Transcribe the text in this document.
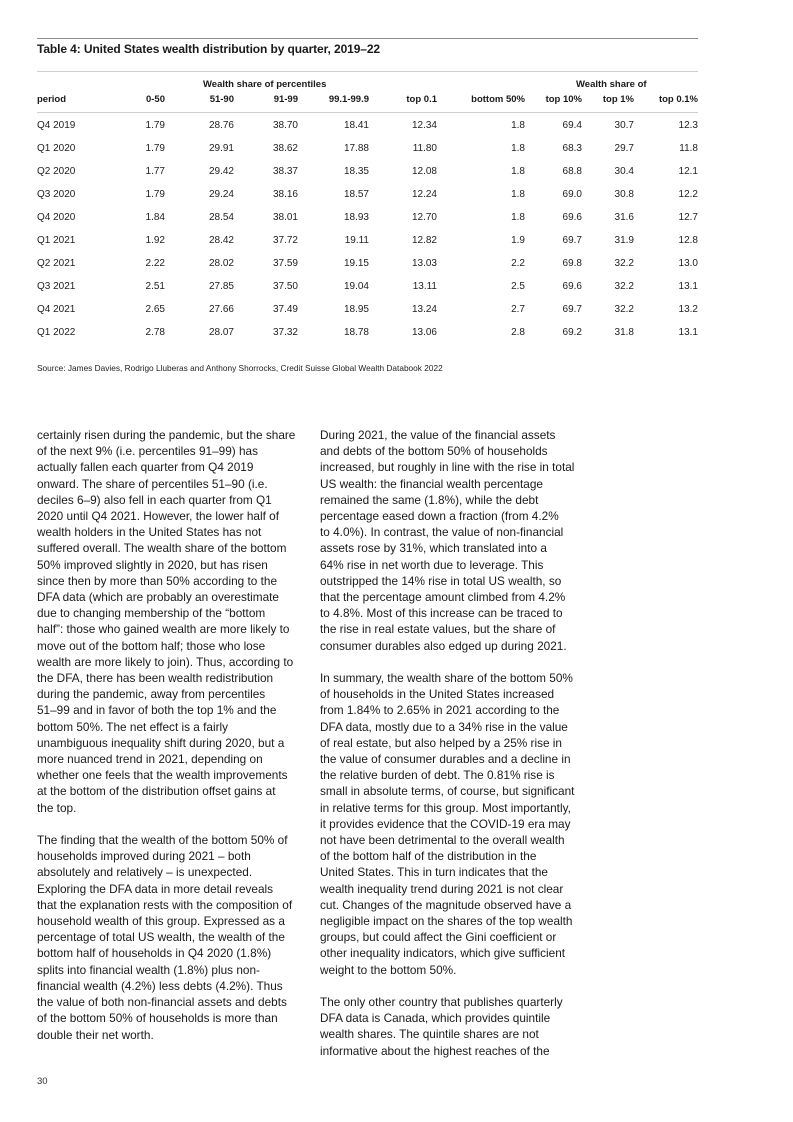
Table 4: United States wealth distribution by quarter, 2019–22
Wealth share of percentiles	Wealth share of
period	0-50	51-90	91-99	99.1-99.9	top 0.1	bottom 50%	top 10%	top 1%	top 0.1%
Q4 2019	1.79	28.76	38.70	18.41	12.34	1.8	69.4	30.7	12.3
Q1 2020	1.79	29.91	38.62	17.88	11.80	1.8	68.3	29.7	11.8
Q2 2020	1.77	29.42	38.37	18.35	12.08	1.8	68.8	30.4	12.1
Q3 2020	1.79	29.24	38.16	18.57	12.24	1.8	69.0	30.8	12.2
Q4 2020	1.84	28.54	38.01	18.93	12.70	1.8	69.6	31.6	12.7
Q1 2021	1.92	28.42	37.72	19.11	12.82	1.9	69.7	31.9	12.8
Q2 2021	2.22	28.02	37.59	19.15	13.03	2.2	69.8	32.2	13.0
Q3 2021	2.51	27.85	37.50	19.04	13.11	2.5	69.6	32.2	13.1
Q4 2021	2.65	27.66	37.49	18.95	13.24	2.7	69.7	32.2	13.2
Q1 2022	2.78	28.07	37.32	18.78	13.06	2.8	69.2	31.8	13.1
Source: James Davies, Rodrigo Lluberas and Anthony Shorrocks, Credit Suisse Global Wealth Databook 2022

certainly risen during the pandemic, but the share
of the next 9% (i.e. percentiles 91–99) has
actually fallen each quarter from Q4 2019
onward. The share of percentiles 51–90 (i.e.
deciles 6–9) also fell in each quarter from Q1
2020 until Q4 2021. However, the lower half of
wealth holders in the United States has not
suffered overall. The wealth share of the bottom
50% improved slightly in 2020, but has risen
since then by more than 50% according to the
DFA data (which are probably an overestimate
due to changing membership of the “bottom
half”: those who gained wealth are more likely to
move out of the bottom half; those who lose
wealth are more likely to join). Thus, according to
the DFA, there has been wealth redistribution
during the pandemic, away from percentiles
51–99 and in favor of both the top 1% and the
bottom 50%. The net effect is a fairly
unambiguous inequality shift during 2020, but a
more nuanced trend in 2021, depending on
whether one feels that the wealth improvements
at the bottom of the distribution offset gains at
the top.

The finding that the wealth of the bottom 50% of
households improved during 2021 – both
absolutely and relatively – is unexpected.
Exploring the DFA data in more detail reveals
that the explanation rests with the composition of
household wealth of this group. Expressed as a
percentage of total US wealth, the wealth of the
bottom half of households in Q4 2020 (1.8%)
splits into financial wealth (1.8%) plus non-
financial wealth (4.2%) less debts (4.2%). Thus
the value of both non-financial assets and debts
of the bottom 50% of households is more than
double their net worth.

During 2021, the value of the financial assets
and debts of the bottom 50% of households
increased, but roughly in line with the rise in total
US wealth: the financial wealth percentage
remained the same (1.8%), while the debt
percentage eased down a fraction (from 4.2%
to 4.0%). In contrast, the value of non-financial
assets rose by 31%, which translated into a
64% rise in net worth due to leverage. This
outstripped the 14% rise in total US wealth, so
that the percentage amount climbed from 4.2%
to 4.8%. Most of this increase can be traced to
the rise in real estate values, but the share of
consumer durables also edged up during 2021.

In summary, the wealth share of the bottom 50%
of households in the United States increased
from 1.84% to 2.65% in 2021 according to the
DFA data, mostly due to a 34% rise in the value
of real estate, but also helped by a 25% rise in
the value of consumer durables and a decline in
the relative burden of debt. The 0.81% rise is
small in absolute terms, of course, but significant
in relative terms for this group. Most importantly,
it provides evidence that the COVID-19 era may
not have been detrimental to the overall wealth
of the bottom half of the distribution in the
United States. This in turn indicates that the
wealth inequality trend during 2021 is not clear
cut. Changes of the magnitude observed have a
negligible impact on the shares of the top wealth
groups, but could affect the Gini coefficient or
other inequality indicators, which give sufficient
weight to the bottom 50%.

The only other country that publishes quarterly
DFA data is Canada, which provides quintile
wealth shares. The quintile shares are not
informative about the highest reaches of the

30
